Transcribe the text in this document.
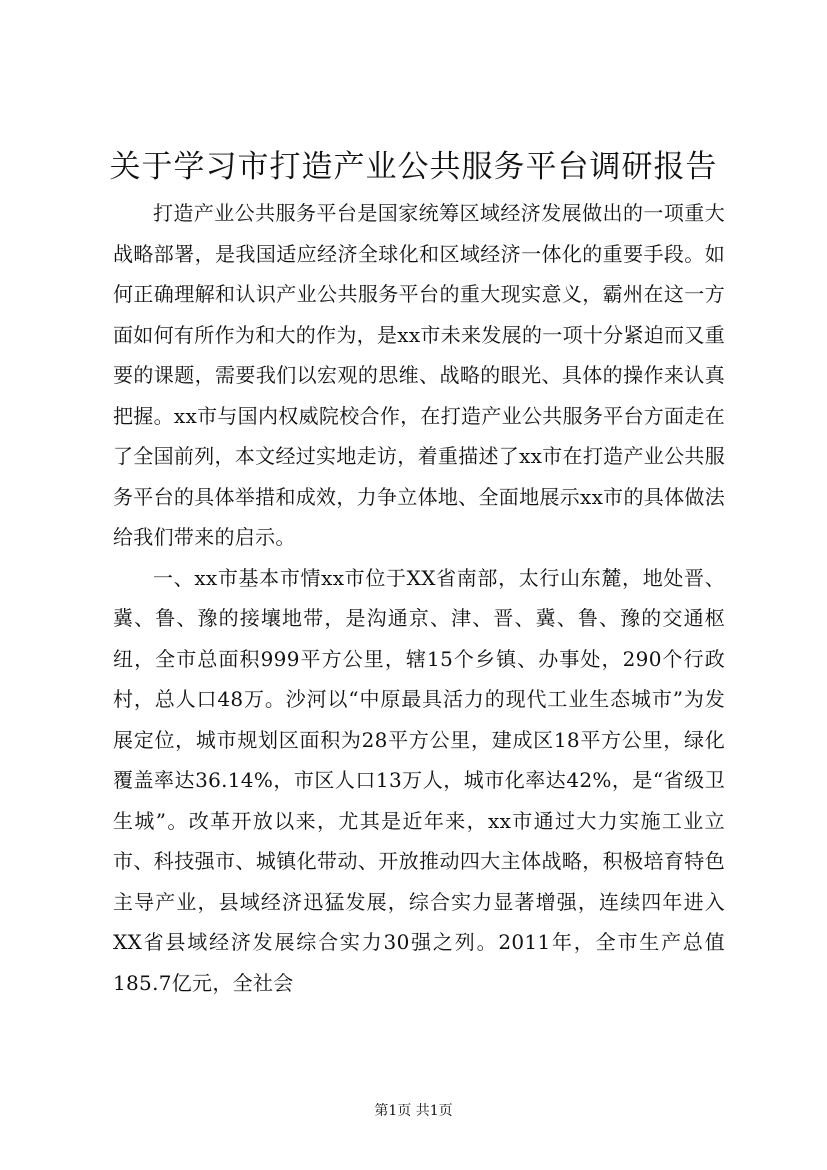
关于学习市打造产业公共服务平台调研报告

打造产业公共服务平台是国家统筹区域经济发展做出的一项重大战略部署，是我国适应经济全球化和区域经济一体化的重要手段。如何正确理解和认识产业公共服务平台的重大现实意义，霸州在这一方面如何有所作为和大的作为，是xx市未来发展的一项十分紧迫而又重要的课题，需要我们以宏观的思维、战略的眼光、具体的操作来认真把握。xx市与国内权威院校合作，在打造产业公共服务平台方面走在了全国前列，本文经过实地走访，着重描述了xx市在打造产业公共服务平台的具体举措和成效，力争立体地、全面地展示xx市的具体做法给我们带来的启示。

一、xx市基本市情xx市位于XX省南部，太行山东麓，地处晋、冀、鲁、豫的接壤地带，是沟通京、津、晋、冀、鲁、豫的交通枢纽，全市总面积999平方公里，辖15个乡镇、办事处，290个行政村，总人口48万。沙河以“中原最具活力的现代工业生态城市”为发展定位，城市规划区面积为28平方公里，建成区18平方公里，绿化覆盖率达36.14%，市区人口13万人，城市化率达42%，是“省级卫生城”。改革开放以来，尤其是近年来，xx市通过大力实施工业立市、科技强市、城镇化带动、开放推动四大主体战略，积极培育特色主导产业，县域经济迅猛发展，综合实力显著增强，连续四年进入XX省县域经济发展综合实力30强之列。2011年，全市生产总值185.7亿元，全社会

第1页 共1页
